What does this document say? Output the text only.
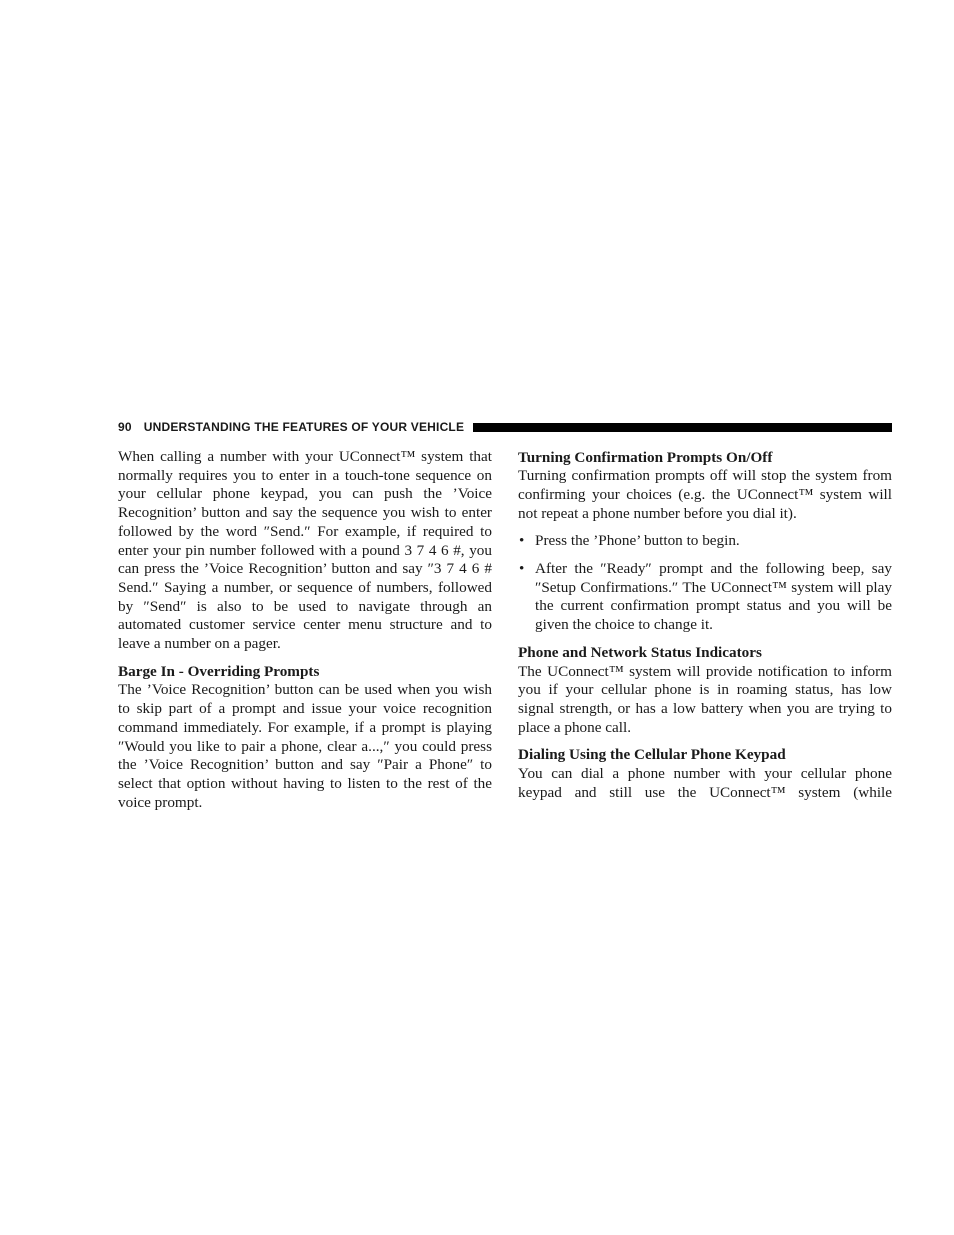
90 UNDERSTANDING THE FEATURES OF YOUR VEHICLE

When calling a number with your UConnect™ system that normally requires you to enter in a touch-tone sequence on your cellular phone keypad, you can push the ’Voice Recognition’ button and say the sequence you wish to enter followed by the word ″Send.″ For example, if required to enter your pin number followed with a pound 3 7 4 6 #, you can press the ’Voice Recognition’ button and say ″3 7 4 6 # Send.″ Saying a number, or sequence of numbers, followed by ″Send″ is also to be used to navigate through an automated customer service center menu structure and to leave a number on a pager.

Barge In - Overriding Prompts

The ’Voice Recognition’ button can be used when you wish to skip part of a prompt and issue your voice recognition command immediately. For example, if a prompt is playing ″Would you like to pair a phone, clear a...,″ you could press the ’Voice Recognition’ button and say ″Pair a Phone″ to select that option without having to listen to the rest of the voice prompt.

Turning Confirmation Prompts On/Off

Turning confirmation prompts off will stop the system from confirming your choices (e.g. the UConnect™ system will not repeat a phone number before you dial it).

• Press the ’Phone’ button to begin.
• After the ″Ready″ prompt and the following beep, say ″Setup Confirmations.″ The UConnect™ system will play the current confirmation prompt status and you will be given the choice to change it.
Phone and Network Status Indicators

The UConnect™ system will provide notification to inform you if your cellular phone is in roaming status, has low signal strength, or has a low battery when you are trying to place a phone call.

Dialing Using the Cellular Phone Keypad

You can dial a phone number with your cellular phone keypad and still use the UConnect™ system (while
